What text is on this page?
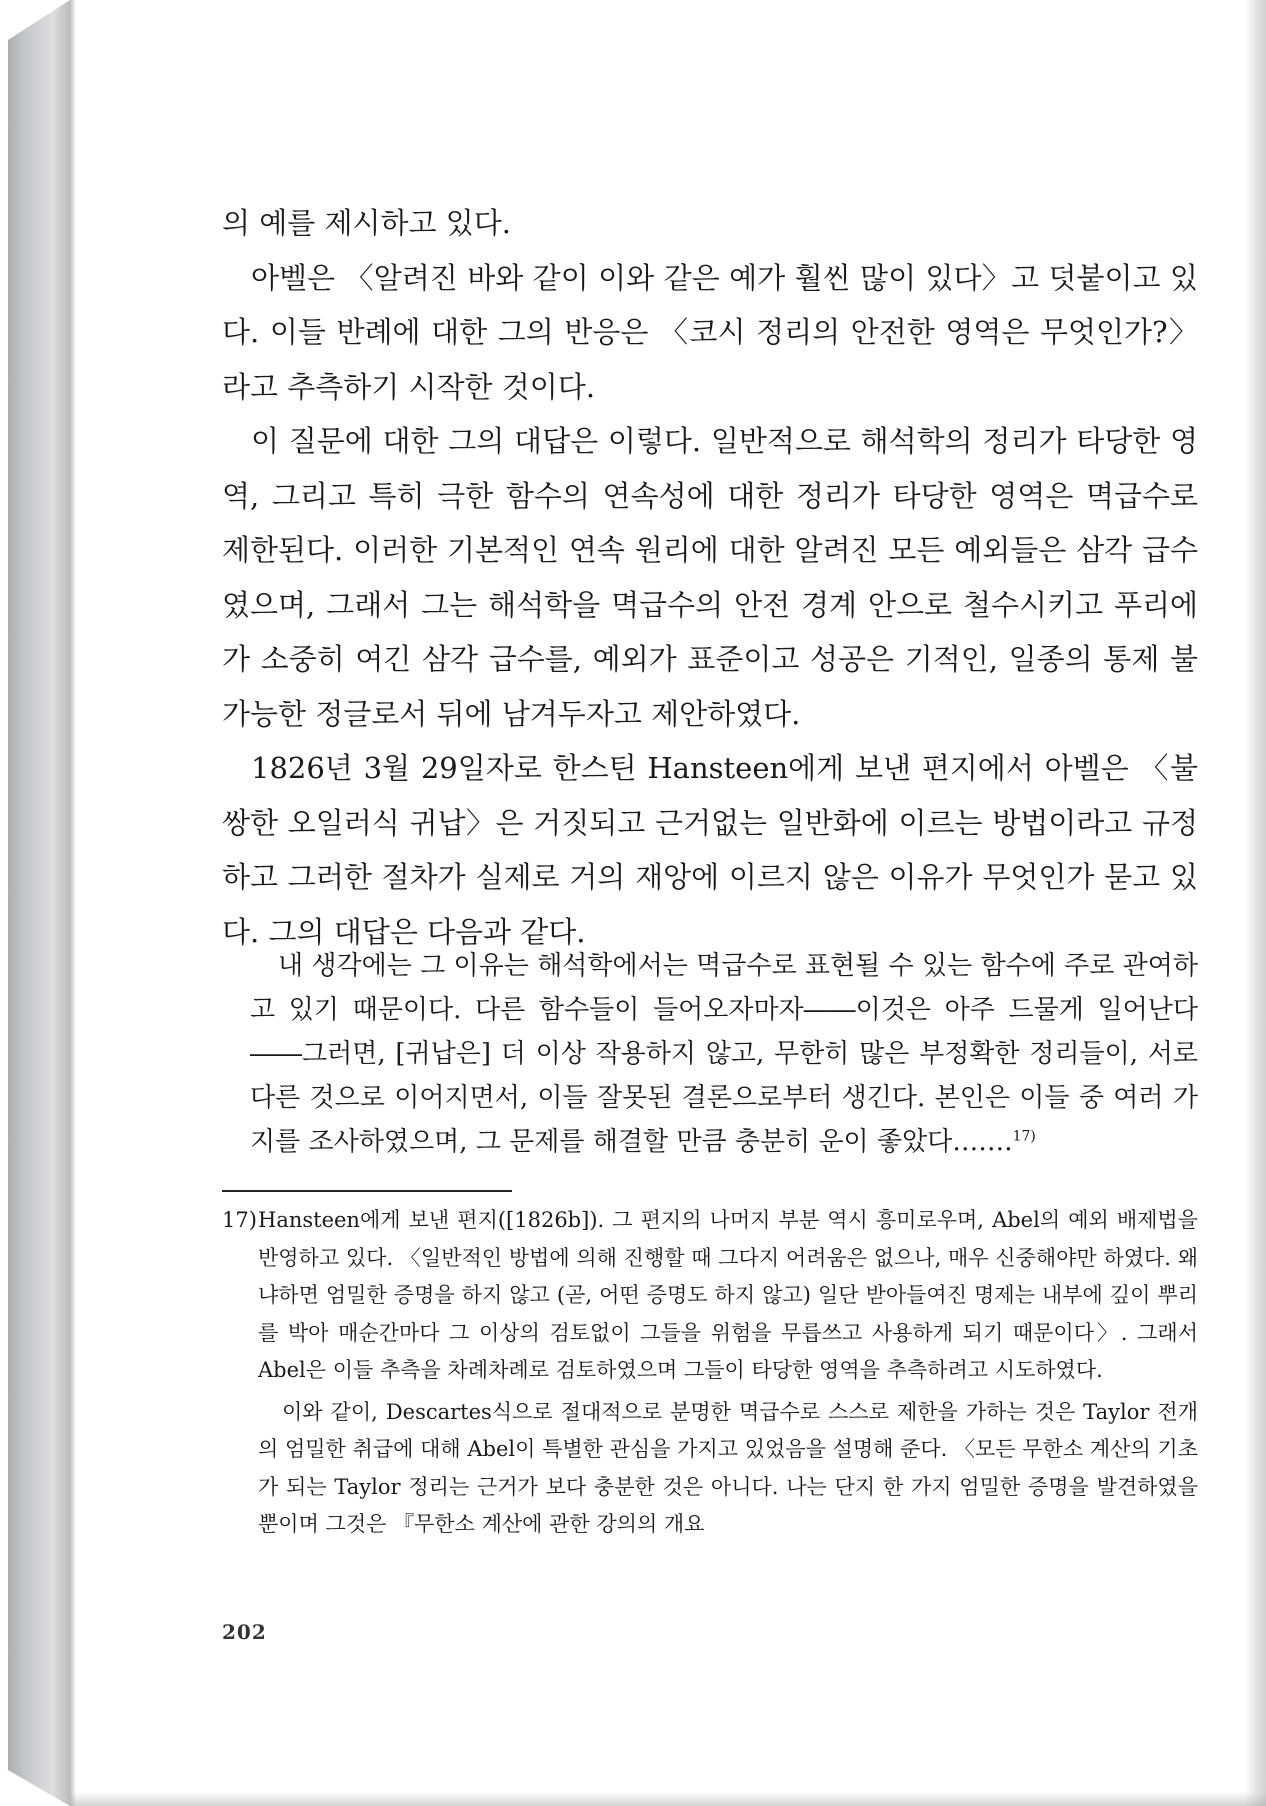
의 예를 제시하고 있다.

아벨은 〈알려진 바와 같이 이와 같은 예가 훨씬 많이 있다〉고 덧붙이고 있다. 이들 반례에 대한 그의 반응은 〈코시 정리의 안전한 영역은 무엇인가?〉라고 추측하기 시작한 것이다.

이 질문에 대한 그의 대답은 이렇다. 일반적으로 해석학의 정리가 타당한 영역, 그리고 특히 극한 함수의 연속성에 대한 정리가 타당한 영역은 멱급수로 제한된다. 이러한 기본적인 연속 원리에 대한 알려진 모든 예외들은 삼각 급수였으며, 그래서 그는 해석학을 멱급수의 안전 경계 안으로 철수시키고 푸리에가 소중히 여긴 삼각 급수를, 예외가 표준이고 성공은 기적인, 일종의 통제 불가능한 정글로서 뒤에 남겨두자고 제안하였다.

1826년 3월 29일자로 한스틴 Hansteen에게 보낸 편지에서 아벨은 〈불쌍한 오일러식 귀납〉은 거짓되고 근거없는 일반화에 이르는 방법이라고 규정하고 그러한 절차가 실제로 거의 재앙에 이르지 않은 이유가 무엇인가 묻고 있다. 그의 대답은 다음과 같다.

내 생각에는 그 이유는 해석학에서는 멱급수로 표현될 수 있는 함수에 주로 관여하고 있기 때문이다. 다른 함수들이 들어오자마자――이것은 아주 드물게 일어난다――그러면, [귀납은] 더 이상 작용하지 않고, 무한히 많은 부정확한 정리들이, 서로 다른 것으로 이어지면서, 이들 잘못된 결론으로부터 생긴다. 본인은 이들 중 여러 가지를 조사하였으며, 그 문제를 해결할 만큼 충분히 운이 좋았다…….$^{17)}$

17)Hansteen에게 보낸 편지([1826b]). 그 편지의 나머지 부분 역시 흥미로우며, Abel의 예외 배제법을 반영하고 있다. 〈일반적인 방법에 의해 진행할 때 그다지 어려움은 없으나, 매우 신중해야만 하였다. 왜냐하면 엄밀한 증명을 하지 않고 (곧, 어떤 증명도 하지 않고) 일단 받아들여진 명제는 내부에 깊이 뿌리를 박아 매순간마다 그 이상의 검토없이 그들을 위험을 무릅쓰고 사용하게 되기 때문이다〉. 그래서 Abel은 이들 추측을 차례차례로 검토하였으며 그들이 타당한 영역을 추측하려고 시도하였다.

이와 같이, Descartes식으로 절대적으로 분명한 멱급수로 스스로 제한을 가하는 것은 Taylor 전개의 엄밀한 취급에 대해 Abel이 특별한 관심을 가지고 있었음을 설명해 준다. 〈모든 무한소 계산의 기초가 되는 Taylor 정리는 근거가 보다 충분한 것은 아니다. 나는 단지 한 가지 엄밀한 증명을 발견하였을 뿐이며 그것은 『무한소 계산에 관한 강의의 개요

202
